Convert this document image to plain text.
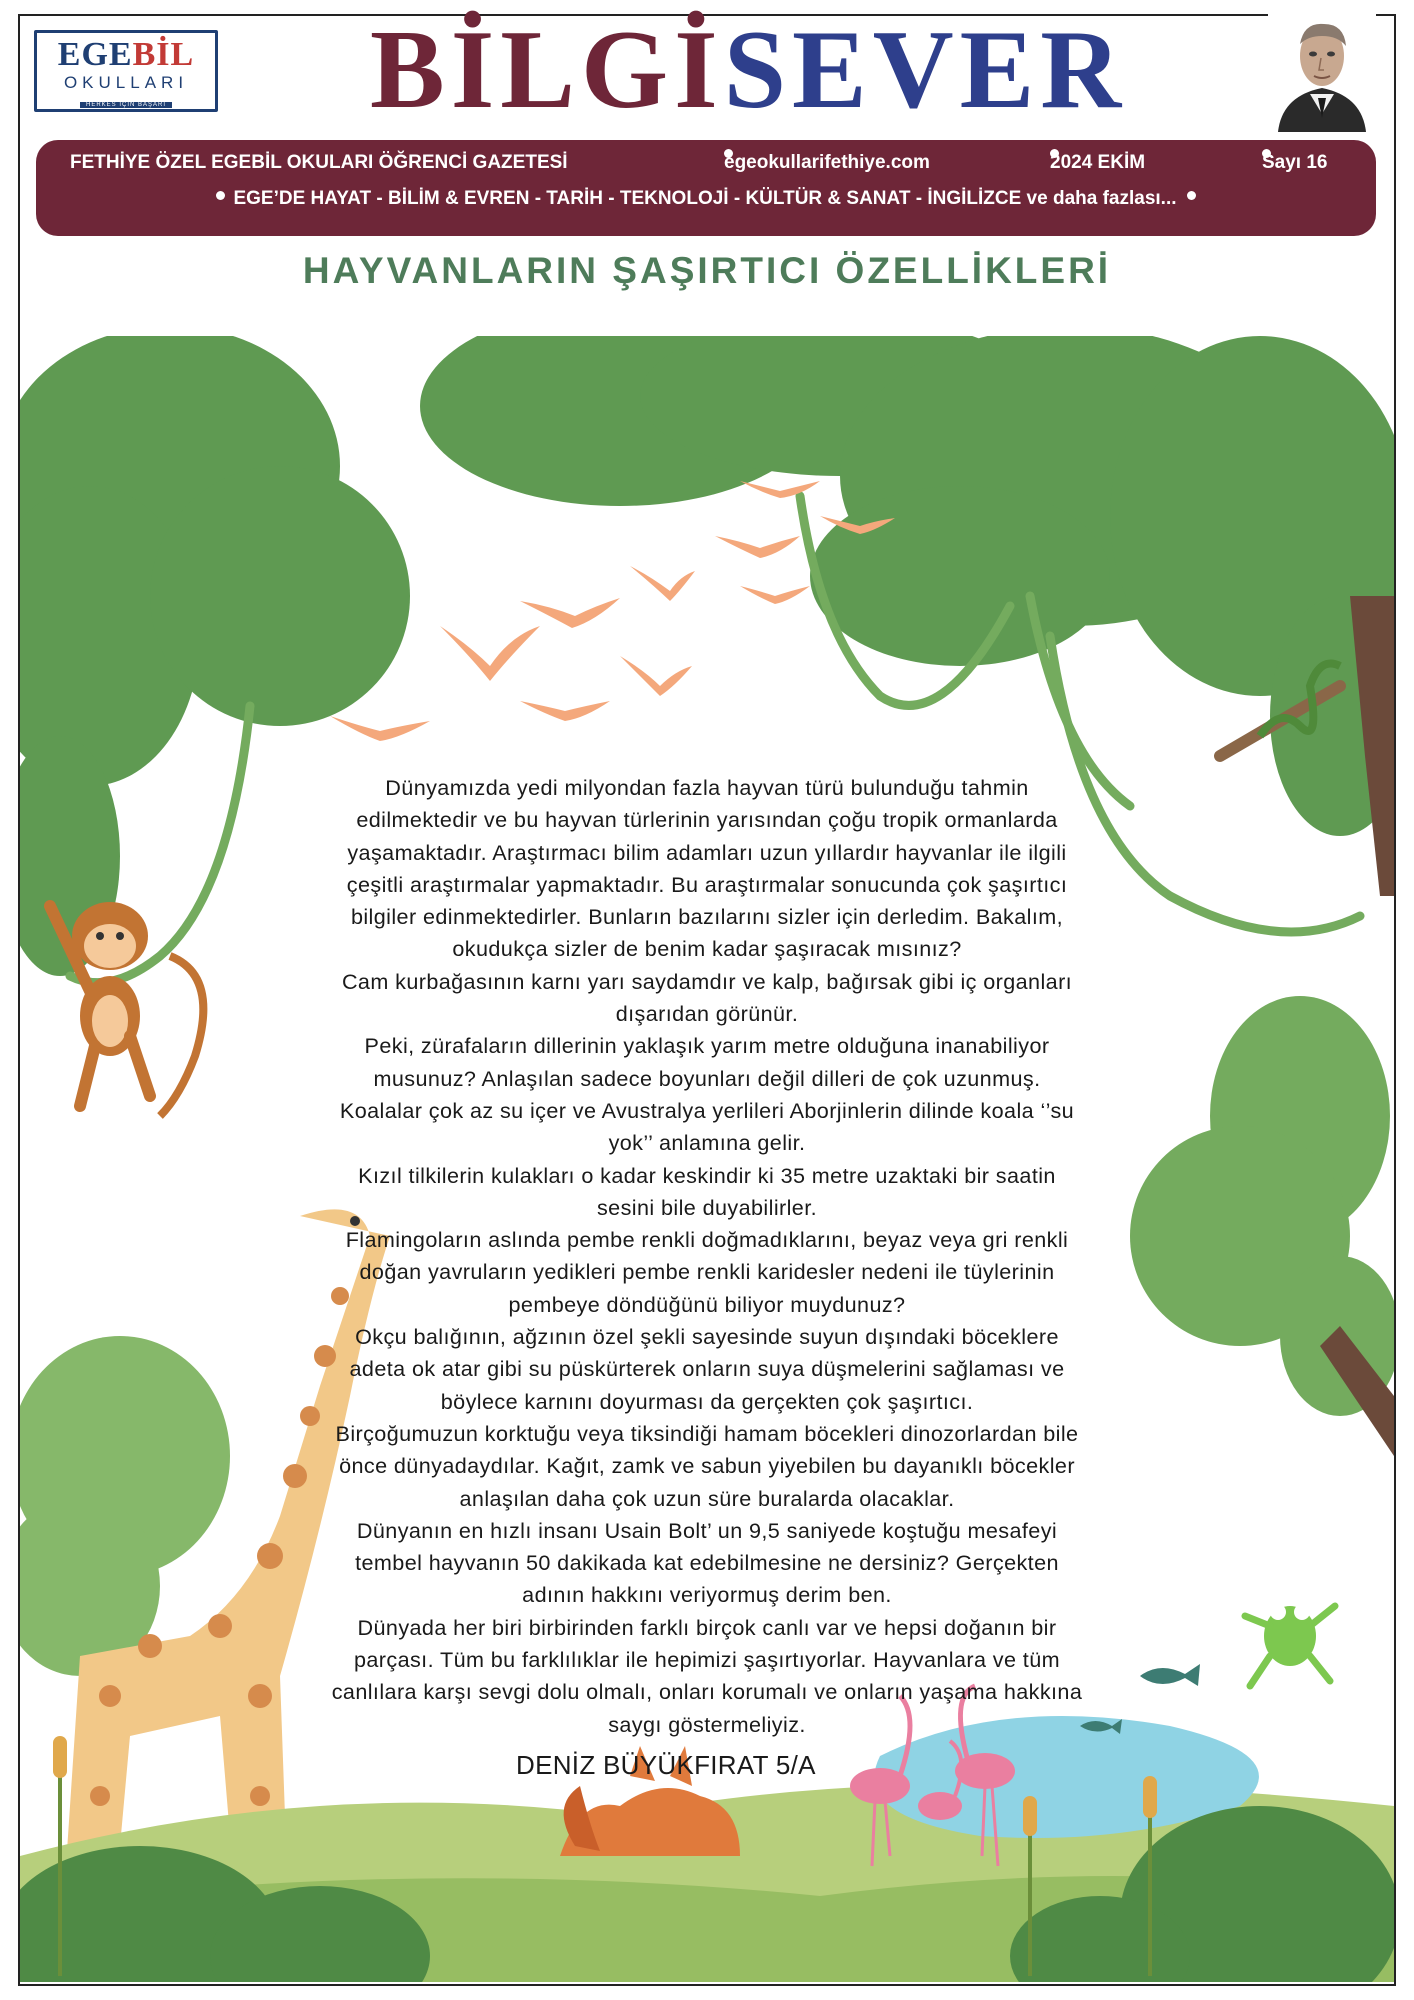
EGEBİL
OKULLARI
HERKES İÇİN BAŞARI	BİLGİSEVER
FETHİYE ÖZEL EGEBİL OKULARI ÖĞRENCİ GAZETESİ	egeokullarifethiye.com	2024 EKİM	Sayı 16
EGE’DE HAYAT - BİLİM & EVREN - TARİH - TEKNOLOJİ - KÜLTÜR & SANAT - İNGİLİZCE ve daha fazlası...
HAYVANLARIN ŞAŞIRTICI ÖZELLİKLERİ

Dünyamızda yedi milyondan fazla hayvan türü bulunduğu tahmin

edilmektedir ve bu hayvan türlerinin yarısından çoğu tropik ormanlarda

yaşamaktadır. Araştırmacı bilim adamları uzun yıllardır hayvanlar ile ilgili

çeşitli araştırmalar yapmaktadır. Bu araştırmalar sonucunda çok şaşırtıcı

bilgiler edinmektedirler. Bunların bazılarını sizler için derledim. Bakalım,

okudukça sizler de benim kadar şaşıracak mısınız?

Cam kurbağasının karnı yarı saydamdır ve kalp, bağırsak gibi iç organları

dışarıdan görünür.

Peki, zürafaların dillerinin yaklaşık yarım metre olduğuna inanabiliyor

musunuz? Anlaşılan sadece boyunları değil dilleri de çok uzunmuş.

Koalalar çok az su içer ve Avustralya yerlileri Aborjinlerin dilinde koala ‘’su

yok’’ anlamına gelir.

Kızıl tilkilerin kulakları o kadar keskindir ki 35 metre uzaktaki bir saatin

sesini bile duyabilirler.

Flamingoların aslında pembe renkli doğmadıklarını, beyaz veya gri renkli

doğan yavruların yedikleri pembe renkli karidesler nedeni ile tüylerinin

pembeye döndüğünü biliyor muydunuz?

Okçu balığının, ağzının özel şekli sayesinde suyun dışındaki böceklere

adeta ok atar gibi su püskürterek onların suya düşmelerini sağlaması ve

böylece karnını doyurması da gerçekten çok şaşırtıcı.

Birçoğumuzun korktuğu veya tiksindiği hamam böcekleri dinozorlardan bile

önce dünyadaydılar. Kağıt, zamk ve sabun yiyebilen bu dayanıklı böcekler

anlaşılan daha çok uzun süre buralarda olacaklar.

Dünyanın en hızlı insanı Usain Bolt’ un 9,5 saniyede koştuğu mesafeyi

tembel hayvanın 50 dakikada kat edebilmesine ne dersiniz? Gerçekten

adının hakkını veriyormuş derim ben.

Dünyada her biri birbirinden farklı birçok canlı var ve hepsi doğanın bir

parçası. Tüm bu farklılıklar ile hepimizi şaşırtıyorlar. Hayvanlara ve tüm

canlılara karşı sevgi dolu olmalı, onları korumalı ve onların yaşama hakkına

saygı göstermeliyiz.

DENİZ BÜYÜKFIRAT 5/A
